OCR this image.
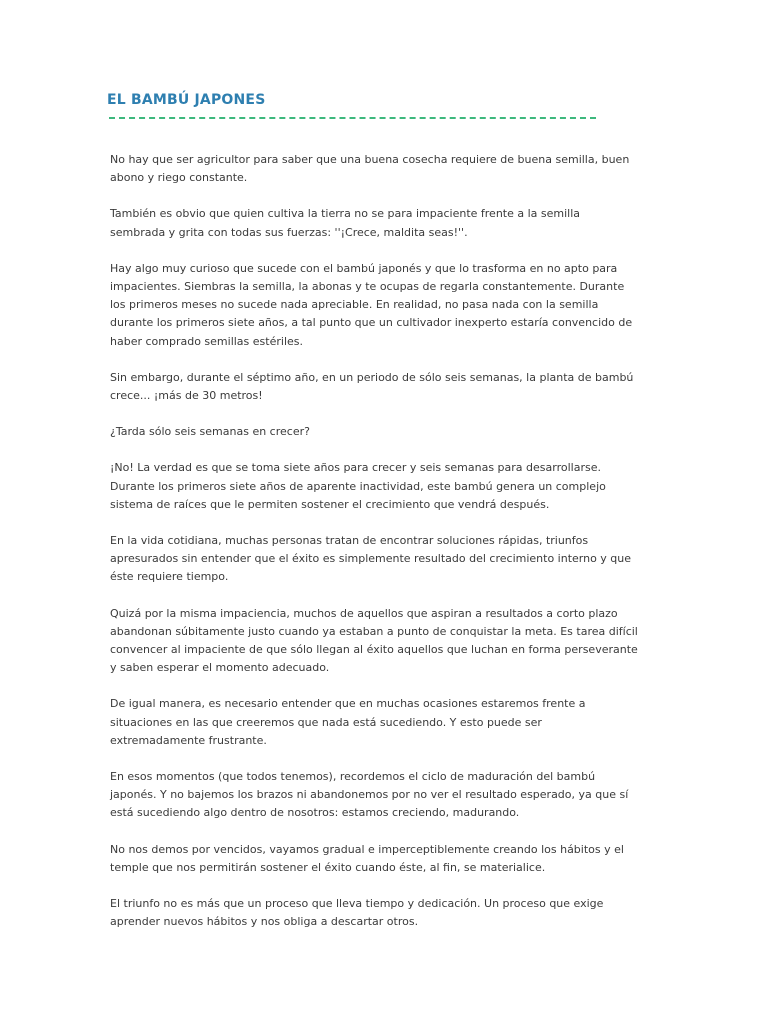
EL BAMBÚ JAPONES

No hay que ser agricultor para saber que una buena cosecha requiere de buena semilla, buen
abono y riego constante.

También es obvio que quien cultiva la tierra no se para impaciente frente a la semilla
sembrada y grita con todas sus fuerzas: ''¡Crece, maldita seas!''.

Hay algo muy curioso que sucede con el bambú japonés y que lo trasforma en no apto para
impacientes. Siembras la semilla, la abonas y te ocupas de regarla constantemente. Durante
los primeros meses no sucede nada apreciable. En realidad, no pasa nada con la semilla
durante los primeros siete años, a tal punto que un cultivador inexperto estaría convencido de
haber comprado semillas estériles.

Sin embargo, durante el séptimo año, en un periodo de sólo seis semanas, la planta de bambú
crece... ¡más de 30 metros!

¿Tarda sólo seis semanas en crecer?

¡No! La verdad es que se toma siete años para crecer y seis semanas para desarrollarse.
Durante los primeros siete años de aparente inactividad, este bambú genera un complejo
sistema de raíces que le permiten sostener el crecimiento que vendrá después.

En la vida cotidiana, muchas personas tratan de encontrar soluciones rápidas, triunfos
apresurados sin entender que el éxito es simplemente resultado del crecimiento interno y que
éste requiere tiempo.

Quizá por la misma impaciencia, muchos de aquellos que aspiran a resultados a corto plazo
abandonan súbitamente justo cuando ya estaban a punto de conquistar la meta. Es tarea difícil
convencer al impaciente de que sólo llegan al éxito aquellos que luchan en forma perseverante
y saben esperar el momento adecuado.

De igual manera, es necesario entender que en muchas ocasiones estaremos frente a
situaciones en las que creeremos que nada está sucediendo. Y esto puede ser
extremadamente frustrante.

En esos momentos (que todos tenemos), recordemos el ciclo de maduración del bambú
japonés. Y no bajemos los brazos ni abandonemos por no ver el resultado esperado, ya que sí
está sucediendo algo dentro de nosotros: estamos creciendo, madurando.

No nos demos por vencidos, vayamos gradual e imperceptiblemente creando los hábitos y el
temple que nos permitirán sostener el éxito cuando éste, al fin, se materialice.

El triunfo no es más que un proceso que lleva tiempo y dedicación. Un proceso que exige
aprender nuevos hábitos y nos obliga a descartar otros.
